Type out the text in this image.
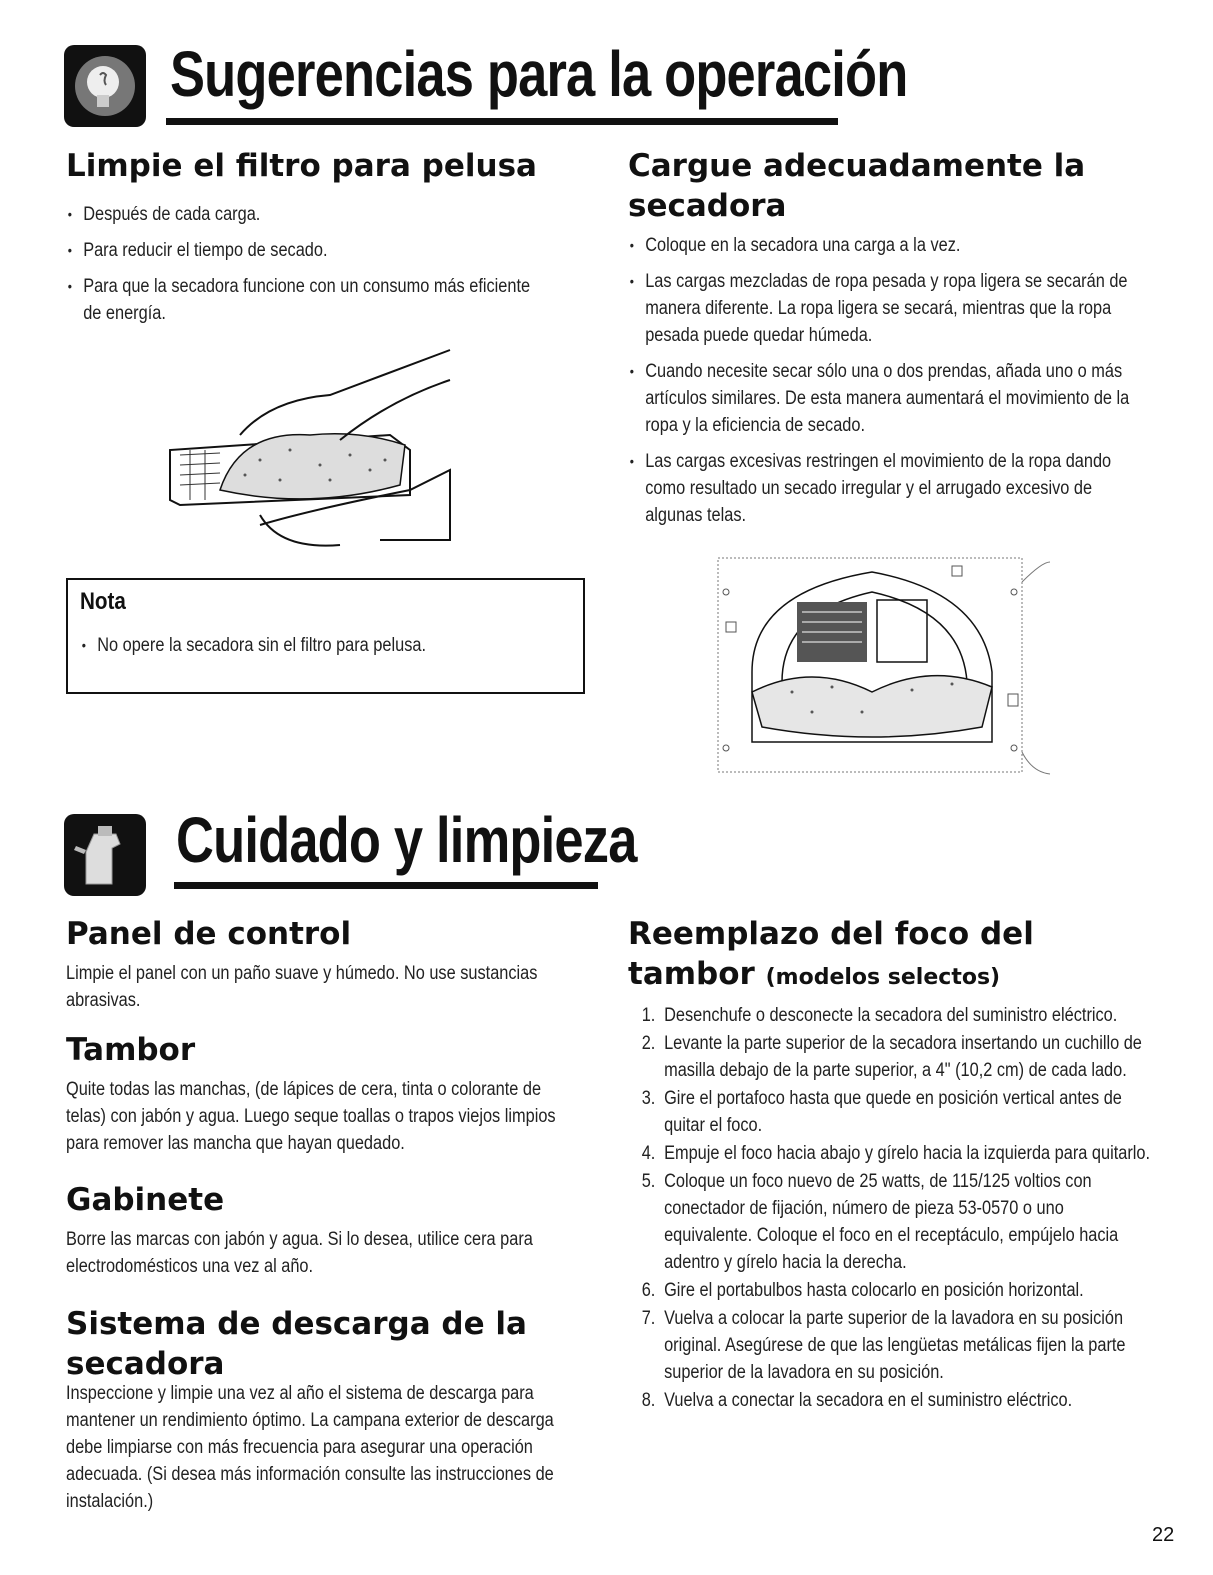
Sugerencias para la operación
Limpie el filtro para pelusa
• Después de cada carga.
• Para reducir el tiempo de secado.
• Para que la secadora funcione con un consumo más eficiente de energía.
Nota
• No opere la secadora sin el filtro para pelusa.
Cargue adecuadamente la
secadora
• Coloque en la secadora una carga a la vez.
• Las cargas mezcladas de ropa pesada y ropa ligera se secarán de manera diferente. La ropa ligera se secará, mientras que la ropa pesada puede quedar húmeda.
• Cuando necesite secar sólo una o dos prendas, añada uno o más artículos similares. De esta manera aumentará el movimiento de la ropa y la eficiencia de secado.
• Las cargas excesivas restringen el movimiento de la ropa dando como resultado un secado irregular y el arrugado excesivo de algunas telas.
Cuidado y limpieza
Panel de control
Limpie el panel con un paño suave y húmedo. No use sustancias abrasivas.
Tambor
Quite todas las manchas, (de lápices de cera, tinta o colorante de telas) con jabón y agua. Luego seque toallas o trapos viejos limpios para remover las mancha que hayan quedado.
Gabinete
Borre las marcas con jabón y agua. Si lo desea, utilice cera para electrodomésticos una vez al año.
Sistema de descarga de la
secadora
Inspeccione y limpie una vez al año el sistema de descarga para mantener un rendimiento óptimo. La campana exterior de descarga debe limpiarse con más frecuencia para asegurar una operación adecuada. (Si desea más información consulte las instrucciones de instalación.)
Reemplazo del foco del
tambor (modelos selectos)
1. Desenchufe o desconecte la secadora del suministro eléctrico.
2. Levante la parte superior de la secadora insertando un cuchillo de masilla debajo de la parte superior, a 4" (10,2 cm) de cada lado.
3. Gire el portafoco hasta que quede en posición vertical antes de quitar el foco.
4. Empuje el foco hacia abajo y gírelo hacia la izquierda para quitarlo.
5. Coloque un foco nuevo de 25 watts, de 115/125 voltios con conectador de fijación, número de pieza 53-0570 o uno equivalente. Coloque el foco en el receptáculo, empújelo hacia adentro y gírelo hacia la derecha.
6. Gire el portabulbos hasta colocarlo en posición horizontal.
7. Vuelva a colocar la parte superior de la lavadora en su posición original. Asegúrese de que las lengüetas metálicas fijen la parte superior de la lavadora en su posición.
8. Vuelva a conectar la secadora en el suministro eléctrico.
22
